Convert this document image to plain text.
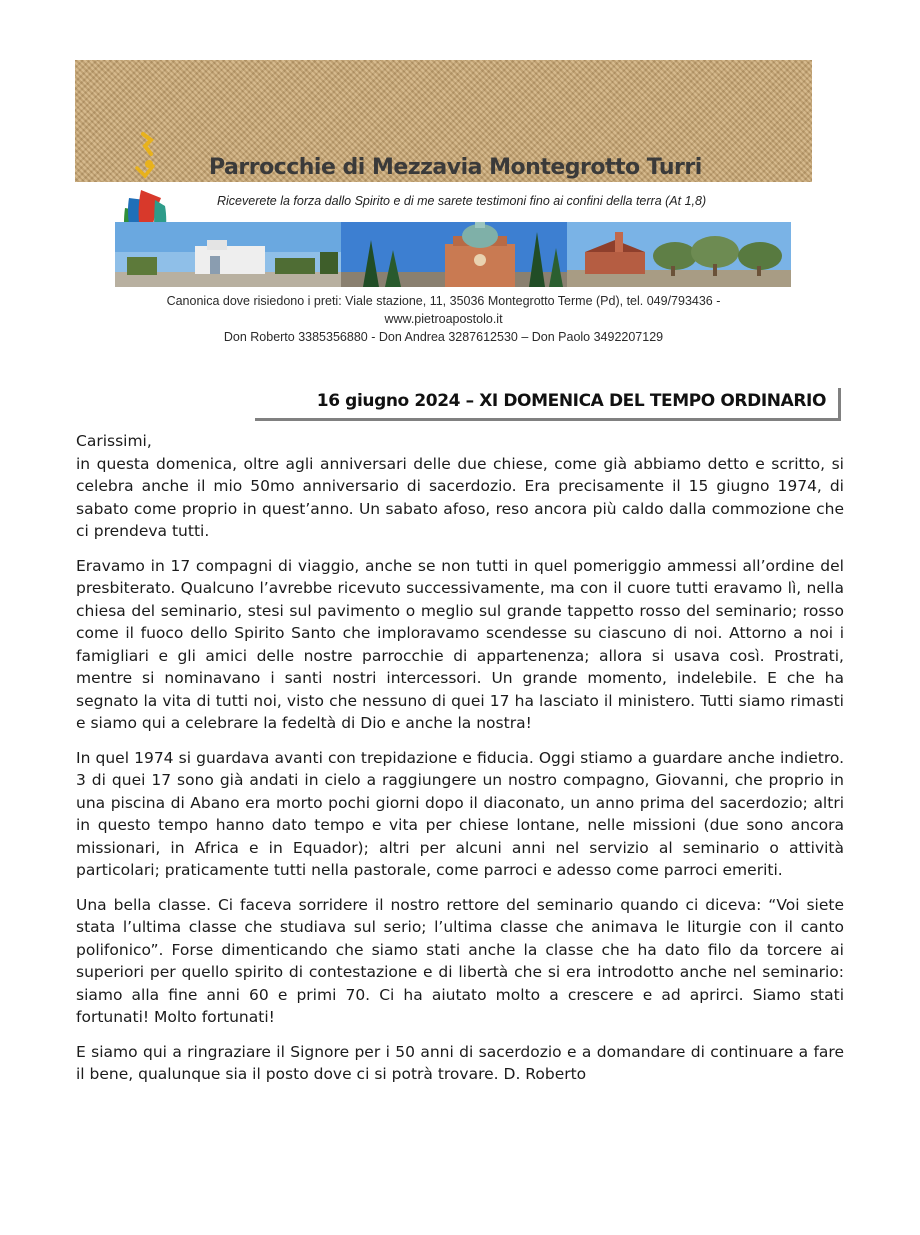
Parrocchie di Mezzavia Montegrotto Turri
Riceverete la forza dallo Spirito e di me sarete testimoni fino ai confini della terra (At 1,8)
Canonica dove risiedono i preti: Viale stazione, 11, 35036 Montegrotto Terme (Pd), tel. 049/793436 -
www.pietroapostolo.it
Don Roberto 3385356880 - Don Andrea 3287612530 – Don Paolo 3492207129
16 giugno 2024 – XI DOMENICA DEL TEMPO ORDINARIO

Carissimi,

in questa domenica, oltre agli anniversari delle due chiese, come già abbiamo detto e scritto, si celebra anche il mio 50mo anniversario di sacerdozio. Era precisamente il 15 giugno 1974, di sabato come proprio in quest’anno. Un sabato afoso, reso ancora più caldo dalla commozione che ci prendeva tutti.

Eravamo in 17 compagni di viaggio, anche se non tutti in quel pomeriggio ammessi all’ordine del presbiterato. Qualcuno l’avrebbe ricevuto successivamente, ma con il cuore tutti eravamo lì, nella chiesa del seminario, stesi sul pavimento o meglio sul grande tappetto rosso del seminario; rosso come il fuoco dello Spirito Santo che imploravamo scendesse su ciascuno di noi. Attorno a noi i famigliari e gli amici delle nostre parrocchie di appartenenza; allora si usava così. Prostrati, mentre si nominavano i santi nostri intercessori. Un grande momento, indelebile. E che ha segnato la vita di tutti noi, visto che nessuno di quei 17 ha lasciato il ministero. Tutti siamo rimasti e siamo qui a celebrare la fedeltà di Dio e anche la nostra!

In quel 1974 si guardava avanti con trepidazione e fiducia. Oggi stiamo a guardare anche indietro. 3 di quei 17 sono già andati in cielo a raggiungere un nostro compagno, Giovanni, che proprio in una piscina di Abano era morto pochi giorni dopo il diaconato, un anno prima del sacerdozio; altri in questo tempo hanno dato tempo e vita per chiese lontane, nelle missioni (due sono ancora missionari, in Africa e in Equador); altri per alcuni anni nel servizio al seminario o attività particolari; praticamente tutti nella pastorale, come parroci e adesso come parroci emeriti.

Una bella classe. Ci faceva sorridere il nostro rettore del seminario quando ci diceva: “Voi siete stata l’ultima classe che studiava sul serio; l’ultima classe che animava le liturgie con il canto polifonico”. Forse dimenticando che siamo stati anche la classe che ha dato filo da torcere ai superiori per quello spirito di contestazione e di libertà che si era introdotto anche nel seminario: siamo alla fine anni 60 e primi 70. Ci ha aiutato molto a crescere e ad aprirci. Siamo stati fortunati! Molto fortunati!

E siamo qui a ringraziare il Signore per i 50 anni di sacerdozio e a domandare di continuare a fare il bene, qualunque sia il posto dove ci si potrà trovare. D. Roberto
